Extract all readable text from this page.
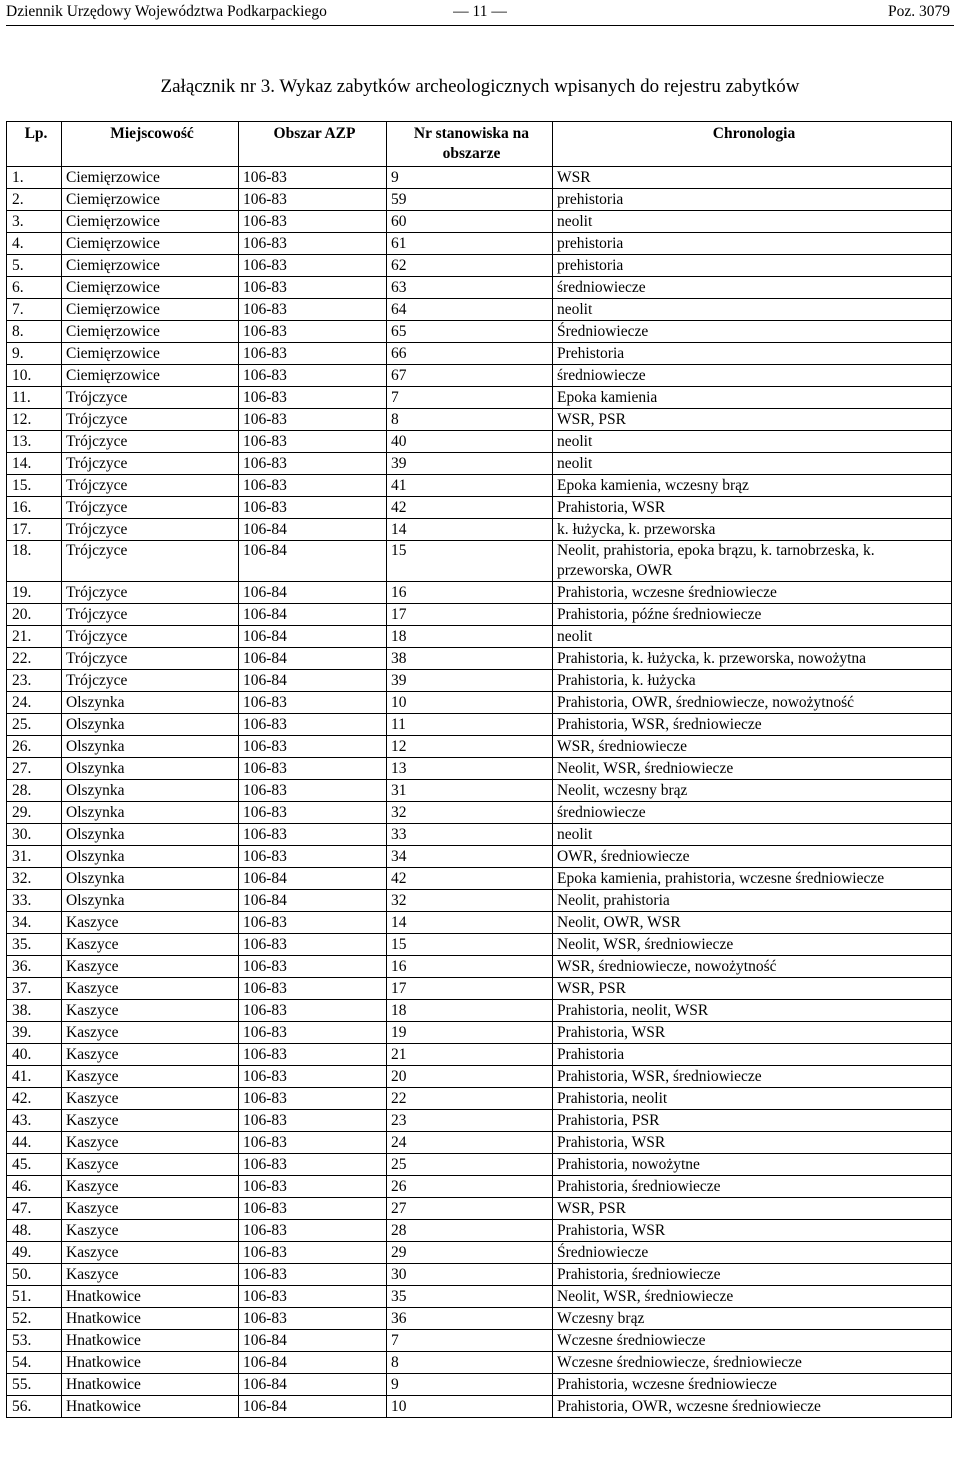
Dziennik Urzędowy Województwa Podkarpackiego	— 11 —	Poz. 3079
Załącznik nr 3. Wykaz zabytków archeologicznych wpisanych do rejestru zabytków
Lp.	Miejscowość	Obszar AZP	Nr stanowiska na obszarze	Chronologia
1.	Ciemięrzowice	106-83	9	WSR
2.	Ciemięrzowice	106-83	59	prehistoria
3.	Ciemięrzowice	106-83	60	neolit
4.	Ciemięrzowice	106-83	61	prehistoria
5.	Ciemięrzowice	106-83	62	prehistoria
6.	Ciemięrzowice	106-83	63	średniowiecze
7.	Ciemięrzowice	106-83	64	neolit
8.	Ciemięrzowice	106-83	65	Średniowiecze
9.	Ciemięrzowice	106-83	66	Prehistoria
10.	Ciemięrzowice	106-83	67	średniowiecze
11.	Trójczyce	106-83	7	Epoka kamienia
12.	Trójczyce	106-83	8	WSR, PSR
13.	Trójczyce	106-83	40	neolit
14.	Trójczyce	106-83	39	neolit
15.	Trójczyce	106-83	41	Epoka kamienia, wczesny brąz
16.	Trójczyce	106-83	42	Prahistoria, WSR
17.	Trójczyce	106-84	14	k. łużycka, k. przeworska
18.	Trójczyce	106-84	15	Neolit, prahistoria, epoka brązu, k. tarnobrzeska, k. przeworska, OWR
19.	Trójczyce	106-84	16	Prahistoria, wczesne średniowiecze
20.	Trójczyce	106-84	17	Prahistoria, późne średniowiecze
21.	Trójczyce	106-84	18	neolit
22.	Trójczyce	106-84	38	Prahistoria, k. łużycka, k. przeworska, nowożytna
23.	Trójczyce	106-84	39	Prahistoria, k. łużycka
24.	Olszynka	106-83	10	Prahistoria, OWR, średniowiecze, nowożytność
25.	Olszynka	106-83	11	Prahistoria, WSR, średniowiecze
26.	Olszynka	106-83	12	WSR, średniowiecze
27.	Olszynka	106-83	13	Neolit, WSR, średniowiecze
28.	Olszynka	106-83	31	Neolit, wczesny brąz
29.	Olszynka	106-83	32	średniowiecze
30.	Olszynka	106-83	33	neolit
31.	Olszynka	106-83	34	OWR, średniowiecze
32.	Olszynka	106-84	42	Epoka kamienia, prahistoria, wczesne średniowiecze
33.	Olszynka	106-84	32	Neolit, prahistoria
34.	Kaszyce	106-83	14	Neolit, OWR, WSR
35.	Kaszyce	106-83	15	Neolit, WSR, średniowiecze
36.	Kaszyce	106-83	16	WSR, średniowiecze, nowożytność
37.	Kaszyce	106-83	17	WSR, PSR
38.	Kaszyce	106-83	18	Prahistoria, neolit, WSR
39.	Kaszyce	106-83	19	Prahistoria, WSR
40.	Kaszyce	106-83	21	Prahistoria
41.	Kaszyce	106-83	20	Prahistoria, WSR, średniowiecze
42.	Kaszyce	106-83	22	Prahistoria, neolit
43.	Kaszyce	106-83	23	Prahistoria, PSR
44.	Kaszyce	106-83	24	Prahistoria, WSR
45.	Kaszyce	106-83	25	Prahistoria, nowożytne
46.	Kaszyce	106-83	26	Prahistoria, średniowiecze
47.	Kaszyce	106-83	27	WSR, PSR
48.	Kaszyce	106-83	28	Prahistoria, WSR
49.	Kaszyce	106-83	29	Średniowiecze
50.	Kaszyce	106-83	30	Prahistoria, średniowiecze
51.	Hnatkowice	106-83	35	Neolit, WSR, średniowiecze
52.	Hnatkowice	106-83	36	Wczesny brąz
53.	Hnatkowice	106-84	7	Wczesne średniowiecze
54.	Hnatkowice	106-84	8	Wczesne średniowiecze, średniowiecze
55.	Hnatkowice	106-84	9	Prahistoria, wczesne średniowiecze
56.	Hnatkowice	106-84	10	Prahistoria, OWR, wczesne średniowiecze
